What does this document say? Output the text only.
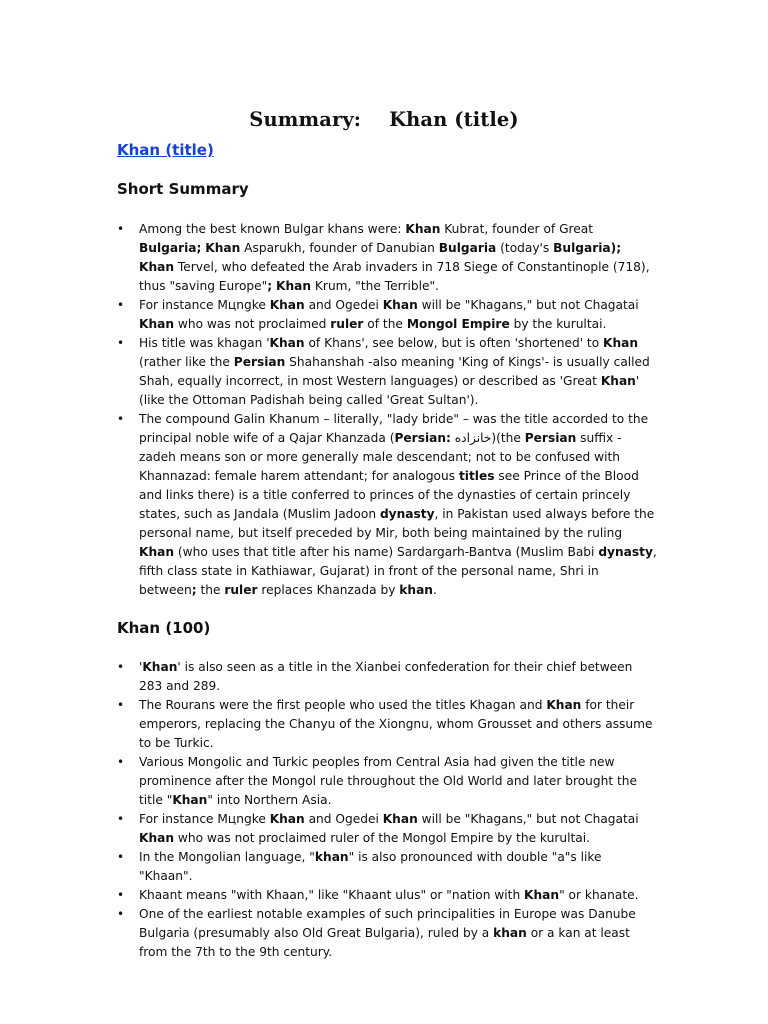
Summary: Khan (title)
Khan (title)
Short Summary
• Among the best known Bulgar khans were: Khan Kubrat, founder of Great Bulgaria; Khan Asparukh, founder of Danubian Bulgaria (today's Bulgaria); Khan Tervel, who defeated the Arab invaders in 718 Siege of Constantinople (718), thus "saving Europe"; Khan Krum, "the Terrible".
• For instance Mцngke Khan and Ogedei Khan will be "Khagans," but not Chagatai Khan who was not proclaimed ruler of the Mongol Empire by the kurultai.
• His title was khagan 'Khan of Khans', see below, but is often 'shortened' to Khan (rather like the Persian Shahanshah -also meaning 'King of Kings'- is usually called Shah, equally incorrect, in most Western languages) or described as 'Great Khan' (like the Ottoman Padishah being called 'Great Sultan').
• The compound Galin Khanum – literally, "lady bride" – was the title accorded to the principal noble wife of a Qajar Khanzada (Persian: خانزاده)(the Persian suffix -zadeh means son or more generally male descendant; not to be confused with Khannazad: female harem attendant; for analogous titles see Prince of the Blood and links there) is a title conferred to princes of the dynasties of certain princely states, such as Jandala (Muslim Jadoon dynasty, in Pakistan used always before the personal name, but itself preceded by Mir, both being maintained by the ruling Khan (who uses that title after his name) Sardargarh-Bantva (Muslim Babi dynasty, fifth class state in Kathiawar, Gujarat) in front of the personal name, Shri in between; the ruler replaces Khanzada by khan.
Khan (100)
• 'Khan' is also seen as a title in the Xianbei confederation for their chief between 283 and 289.
• The Rourans were the first people who used the titles Khagan and Khan for their emperors, replacing the Chanyu of the Xiongnu, whom Grousset and others assume to be Turkic.
• Various Mongolic and Turkic peoples from Central Asia had given the title new prominence after the Mongol rule throughout the Old World and later brought the title "Khan" into Northern Asia.
• For instance Mцngke Khan and Ogedei Khan will be "Khagans," but not Chagatai Khan who was not proclaimed ruler of the Mongol Empire by the kurultai.
• In the Mongolian language, "khan" is also pronounced with double "a"s like "Khaan".
• Khaant means "with Khaan," like "Khaant ulus" or "nation with Khan" or khanate.
• One of the earliest notable examples of such principalities in Europe was Danube Bulgaria (presumably also Old Great Bulgaria), ruled by a khan or a kan at least from the 7th to the 9th century.
